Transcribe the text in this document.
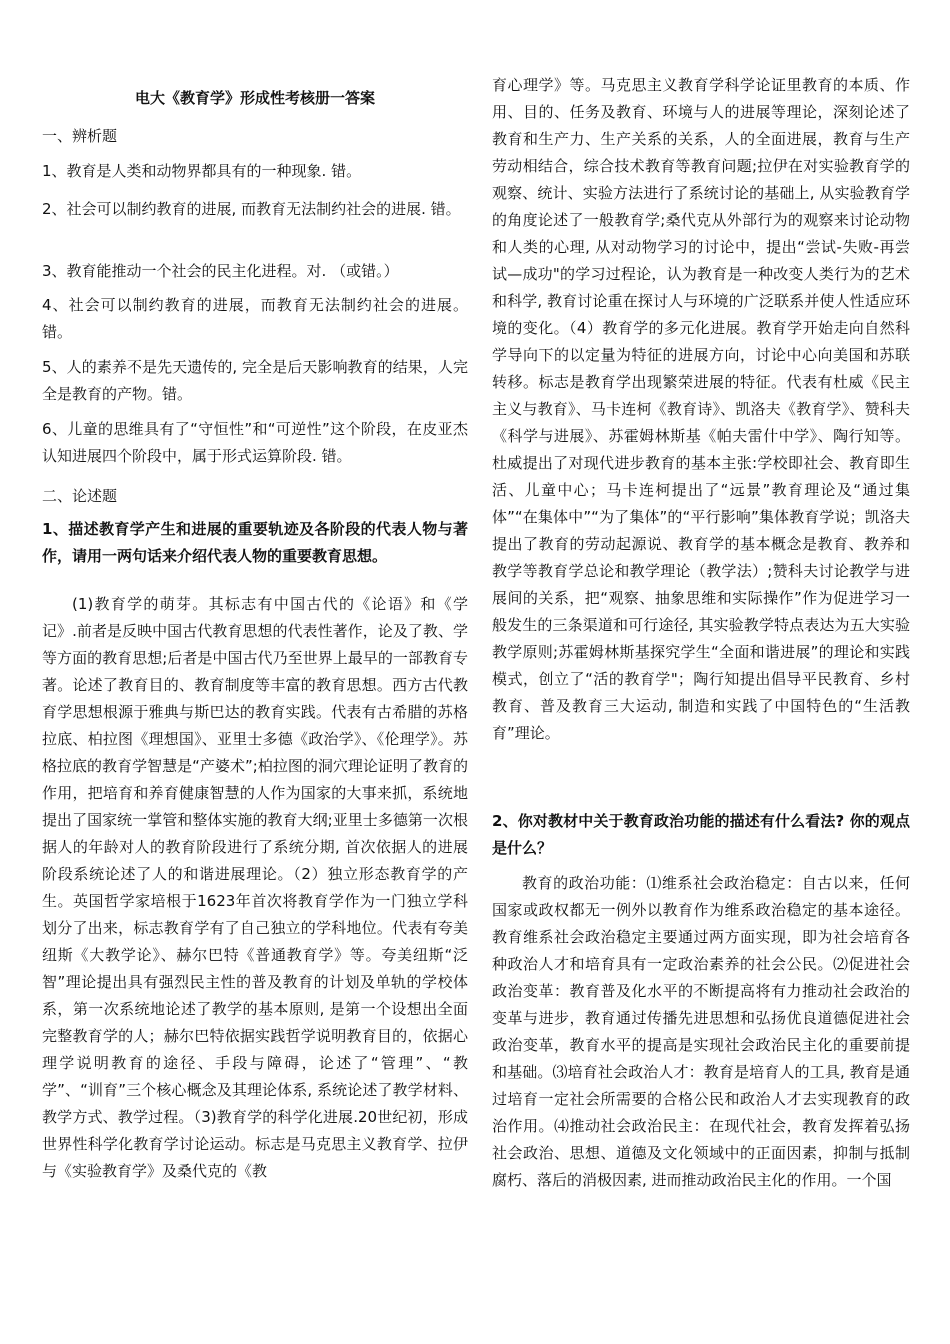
电大《教育学》形成性考核册一答案

一、辨析题

1、教育是人类和动物界都具有的一种现象. 错。

2、社会可以制约教育的进展, 而教育无法制约社会的进展. 错。

3、教育能推动一个社会的民主化进程。对. （或错。）

4、社会可以制约教育的进展，而教育无法制约社会的进展。错。

5、人的素养不是先天遗传的, 完全是后天影响教育的结果，人完全是教育的产物。错。

6、儿童的思维具有了“守恒性”和“可逆性”这个阶段，在皮亚杰认知进展四个阶段中，属于形式运算阶段. 错。

二、论述题

1、描述教育学产生和进展的重要轨迹及各阶段的代表人物与著作，请用一两句话来介绍代表人物的重要教育思想。

(1)教育学的萌芽。其标志有中国古代的《论语》和《学记》.前者是反映中国古代教育思想的代表性著作，论及了教、学等方面的教育思想;后者是中国古代乃至世界上最早的一部教育专著。论述了教育目的、教育制度等丰富的教育思想。西方古代教育学思想根源于雅典与斯巴达的教育实践。代表有古希腊的苏格拉底、柏拉图《理想国》、亚里士多德《政治学》、《伦理学》。苏格拉底的教育学智慧是“产婆术”;柏拉图的洞穴理论证明了教育的作用，把培育和养育健康智慧的人作为国家的大事来抓，系统地提出了国家统一掌管和整体实施的教育大纲;亚里士多德第一次根据人的年龄对人的教育阶段进行了系统分期, 首次依据人的进展阶段系统论述了人的和谐进展理论。（2）独立形态教育学的产生。英国哲学家培根于1623年首次将教育学作为一门独立学科划分了出来，标志教育学有了自己独立的学科地位。代表有夸美纽斯《大教学论》、赫尔巴特《普通教育学》等。夸美纽斯“泛智”理论提出具有强烈民主性的普及教育的计划及单轨的学校体系，第一次系统地论述了教学的基本原则, 是第一个设想出全面完整教育学的人；赫尔巴特依据实践哲学说明教育目的，依据心理学说明教育的途径、手段与障碍，论述了“管理”、“教学”、“训育”三个核心概念及其理论体系, 系统论述了教学材料、教学方式、教学过程。（3)教育学的科学化进展.20世纪初，形成世界性科学化教育学讨论运动。标志是马克思主义教育学、拉伊与《实验教育学》及桑代克的《教

育心理学》等。马克思主义教育学科学论证里教育的本质、作用、目的、任务及教育、环境与人的进展等理论，深刻论述了教育和生产力、生产关系的关系，人的全面进展，教育与生产劳动相结合，综合技术教育等教育问题;拉伊在对实验教育学的观察、统计、实验方法进行了系统讨论的基础上, 从实验教育学的角度论述了一般教育学;桑代克从外部行为的观察来讨论动物和人类的心理, 从对动物学习的讨论中，提出“尝试-失败-再尝试—成功"的学习过程论，认为教育是一种改变人类行为的艺术和科学, 教育讨论重在探讨人与环境的广泛联系并使人性适应环境的变化。（4）教育学的多元化进展。教育学开始走向自然科学导向下的以定量为特征的进展方向，讨论中心向美国和苏联转移。标志是教育学出现繁荣进展的特征。代表有杜威《民主主义与教育》、马卡连柯《教育诗》、凯洛夫《教育学》、赞科夫《科学与进展》、苏霍姆林斯基《帕夫雷什中学》、陶行知等。杜威提出了对现代进步教育的基本主张:学校即社会、教育即生活、儿童中心；马卡连柯提出了“远景”教育理论及“通过集体”“在集体中”“为了集体”的“平行影响”集体教育学说；凯洛夫提出了教育的劳动起源说、教育学的基本概念是教育、教养和教学等教育学总论和教学理论（教学法）;赞科夫讨论教学与进展间的关系，把“观察、抽象思维和实际操作”作为促进学习一般发生的三条渠道和可行途径, 其实验教学特点表达为五大实验教学原则;苏霍姆林斯基探究学生“全面和谐进展”的理论和实践模式，创立了“活的教育学"；陶行知提出倡导平民教育、乡村教育、普及教育三大运动, 制造和实践了中国特色的“生活教育”理论。

2、你对教材中关于教育政治功能的描述有什么看法? 你的观点是什么？

教育的政治功能：⑴维系社会政治稳定：自古以来，任何国家或政权都无一例外以教育作为维系政治稳定的基本途径。教育维系社会政治稳定主要通过两方面实现，即为社会培育各种政治人才和培育具有一定政治素养的社会公民。⑵促进社会政治变革：教育普及化水平的不断提高将有力推动社会政治的变革与进步，教育通过传播先进思想和弘扬优良道德促进社会政治变革，教育水平的提高是实现社会政治民主化的重要前提和基础。⑶培育社会政治人才：教育是培育人的工具, 教育是通过培育一定社会所需要的合格公民和政治人才去实现教育的政治作用。⑷推动社会政治民主：在现代社会，教育发挥着弘扬社会政治、思想、道德及文化领域中的正面因素，抑制与抵制腐朽、落后的消极因素, 进而推动政治民主化的作用。一个国
